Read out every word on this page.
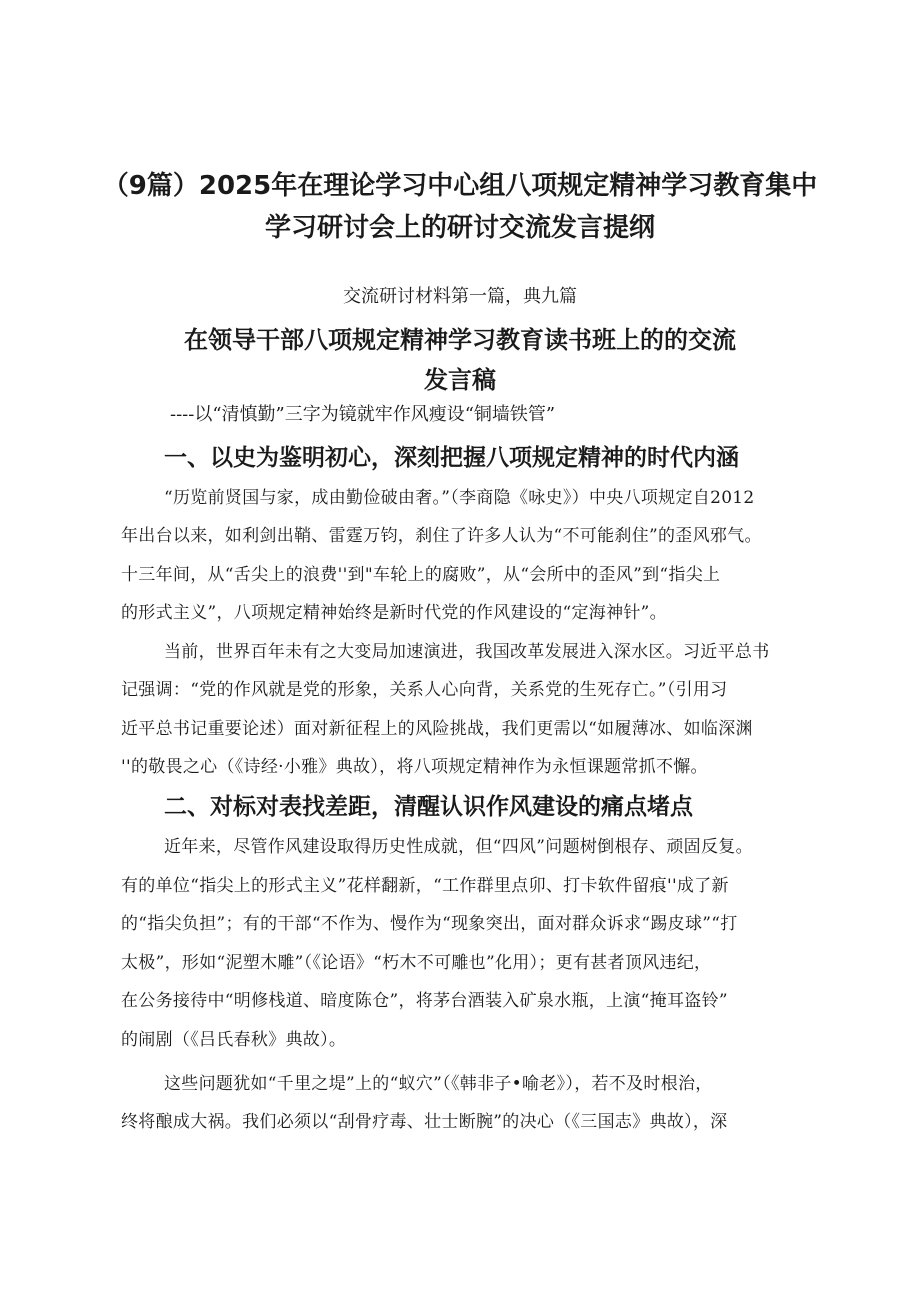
（9篇）2025年在理论学习中心组八项规定精神学习教育集中
学习研讨会上的研讨交流发言提纲

交流研讨材料第一篇，典九篇

在领导干部八项规定精神学习教育读书班上的的交流
发言稿

----以“清慎勤”三字为镜就牢作风瘦设“铜墙铁管”

一、以史为鉴明初心，深刻把握八项规定精神的时代内涵

“历览前贤国与家，成由勤俭破由奢。”（李商隐《咏史》）中央八项规定自2012

年出台以来，如利剑出鞘、雷霆万钧，刹住了许多人认为“不可能刹住”的歪风邪气。

十三年间，从“舌尖上的浪费''到"车轮上的腐败”，从“会所中的歪风”到“指尖上

的形式主义”，八项规定精神始终是新时代党的作风建设的“定海神针”。

当前，世界百年未有之大变局加速演进，我国改革发展进入深水区。习近平总书

记强调：“党的作风就是党的形象，关系人心向背，关系党的生死存亡。”（引用习

近平总书记重要论述）面对新征程上的风险挑战，我们更需以“如履薄冰、如临深渊

''的敬畏之心（《诗经·小雅》典故），将八项规定精神作为永恒课题常抓不懈。

二、对标对表找差距，清醒认识作风建设的痛点堵点

近年来，尽管作风建设取得历史性成就，但“四风”问题树倒根存、顽固反复。

有的单位“指尖上的形式主义”花样翻新，“工作群里点卯、打卡软件留痕''成了新

的“指尖负担”；有的干部“不作为、慢作为“现象突出，面对群众诉求“踢皮球”“打

太极”，形如“泥塑木雕”（《论语》“朽木不可雕也”化用）；更有甚者顶风违纪，

在公务接待中“明修栈道、暗度陈仓”，将茅台酒装入矿泉水瓶，上演“掩耳盗铃”

的闹剧（《吕氏春秋》典故）。

这些问题犹如“千里之堤”上的“蚁穴”（《韩非子•喻老》），若不及时根治，

终将酿成大祸。我们必须以“刮骨疗毒、壮士断腕”的决心（《三国志》典故），深
